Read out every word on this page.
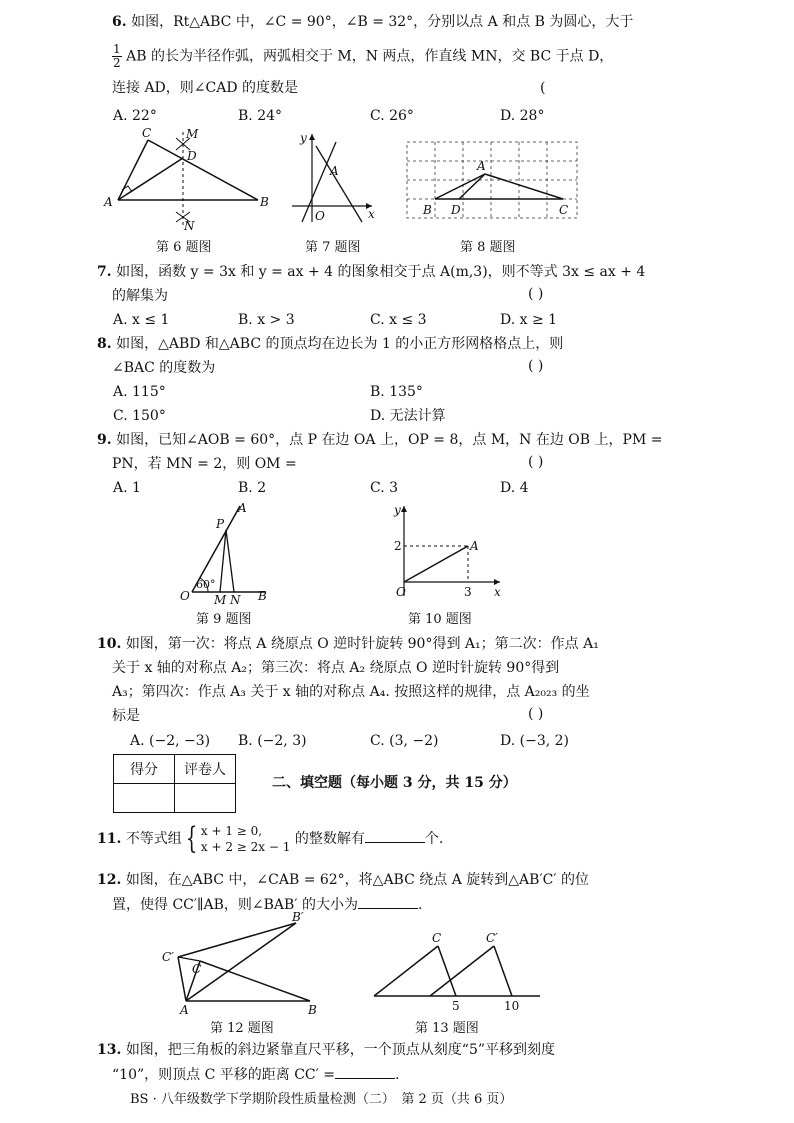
6. 如图，Rt△ABC 中，∠C = 90°，∠B = 32°，分别以点 A 和点 B 为圆心，大于
$\frac{1}{2}$ AB 的长为半径作弧，两弧相交于 M，N 两点，作直线 MN，交 BC 于点 D，
连接 AD，则∠CAD 的度数是	(
A. 22°	B. 24°	C. 26°	D. 28°
C	M
D
A	B
N
第 6 题图
y
A
O	x
第 7 题图
A
B D	C
第 8 题图
7. 如图，函数 y = 3x 和 y = ax + 4 的图象相交于点 A(m,3)，则不等式 3x ≤ ax + 4
的解集为	( )
A. x ≤ 1	B. x > 3	C. x ≤ 3	D. x ≥ 1
8. 如图，△ABD 和△ABC 的顶点均在边长为 1 的小正方形网格格点上，则
∠BAC 的度数为	( )
A. 115°	B. 135°
C. 150°	D. 无法计算
9. 如图，已知∠AOB = 60°，点 P 在边 OA 上，OP = 8，点 M，N 在边 OB 上，PM =
PN，若 MN = 2，则 OM =	( )
A. 1	B. 2	C. 3	D. 4
A
P
60°
O M N B
第 9 题图
y
2	A
O	3 x
第 10 题图
10. 如图，第一次：将点 A 绕原点 O 逆时针旋转 90°得到 A₁；第二次：作点 A₁
关于 x 轴的对称点 A₂；第三次：将点 A₂ 绕原点 O 逆时针旋转 90°得到
A₃；第四次：作点 A₃ 关于 x 轴的对称点 A₄. 按照这样的规律，点 A₂₀₂₃ 的坐
标是	( )
A. (−2, −3) B. (−2, 3)	C. (3, −2)	D. (−3, 2)
得分	评卷人

二、填空题（每小题 3 分，共 15 分）
11. 不等式组 { x + 1 ≥ 0,
x + 2 ≥ 2x − 1 的整数解有	个.
12. 如图，在△ABC 中，∠CAB = 62°，将△ABC 绕点 A 旋转到△AB′C′ 的位
置，使得 CC′∥AB，则∠BAB′ 的大小为	.
B′
C′
C
A	B
第 12 题图
C	C′
5	10
第 13 题图
13. 如图，把三角板的斜边紧靠直尺平移，一个顶点从刻度“5”平移到刻度
“10”，则顶点 C 平移的距离 CC′ =	.
BS · 八年级数学下学期阶段性质量检测（二）　第 2 页（共 6 页）
